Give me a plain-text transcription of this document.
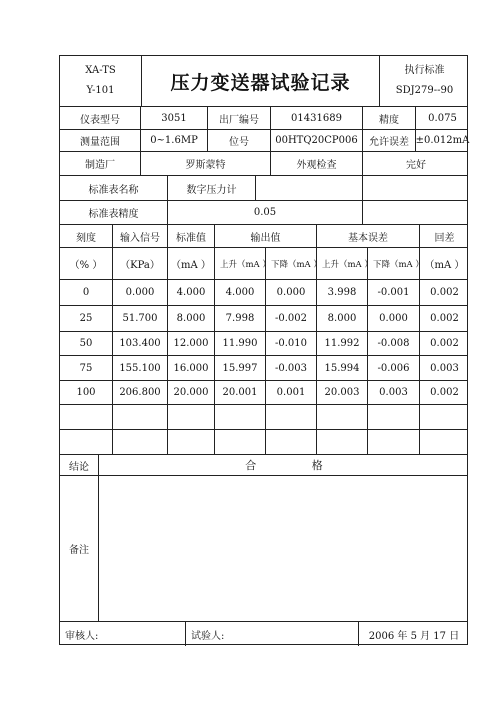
XA-TS
Y-101	压力变送器试验记录
执行标准
SDJ279--90
仪表型号	3051	出厂编号	01431689	精度	0.075
测量范围	0~1.6MP	位号	00HTQ20CP006	允许误差 ±0.012mA
制造厂	罗斯蒙特	外观检查	完好
标准表名称	数字压力计
标准表精度	0.05
刻度	输入信号	标准值	输出值	基本误差	回差
（% ）	（KPa）	（mA ）	上升（mA ） 下降（mA ） 上升（mA ） 下降（mA ） （mA ）
0	0.000	4.000	4.000	0.000	3.998	-0.001	0.002
25	51.700	8.000	7.998	-0.002	8.000	0.000	0.002
50	103.400	12.000	11.990	-0.010	11.992	-0.008	0.002
75	155.100	16.000	15.997	-0.003	15.994	-0.006	0.003
100	206.800	20.000	20.001	0.001	20.003	0.003	0.002
结论	合 格
备注
审核人:	试验人:	2006 年 5 月 17 日
